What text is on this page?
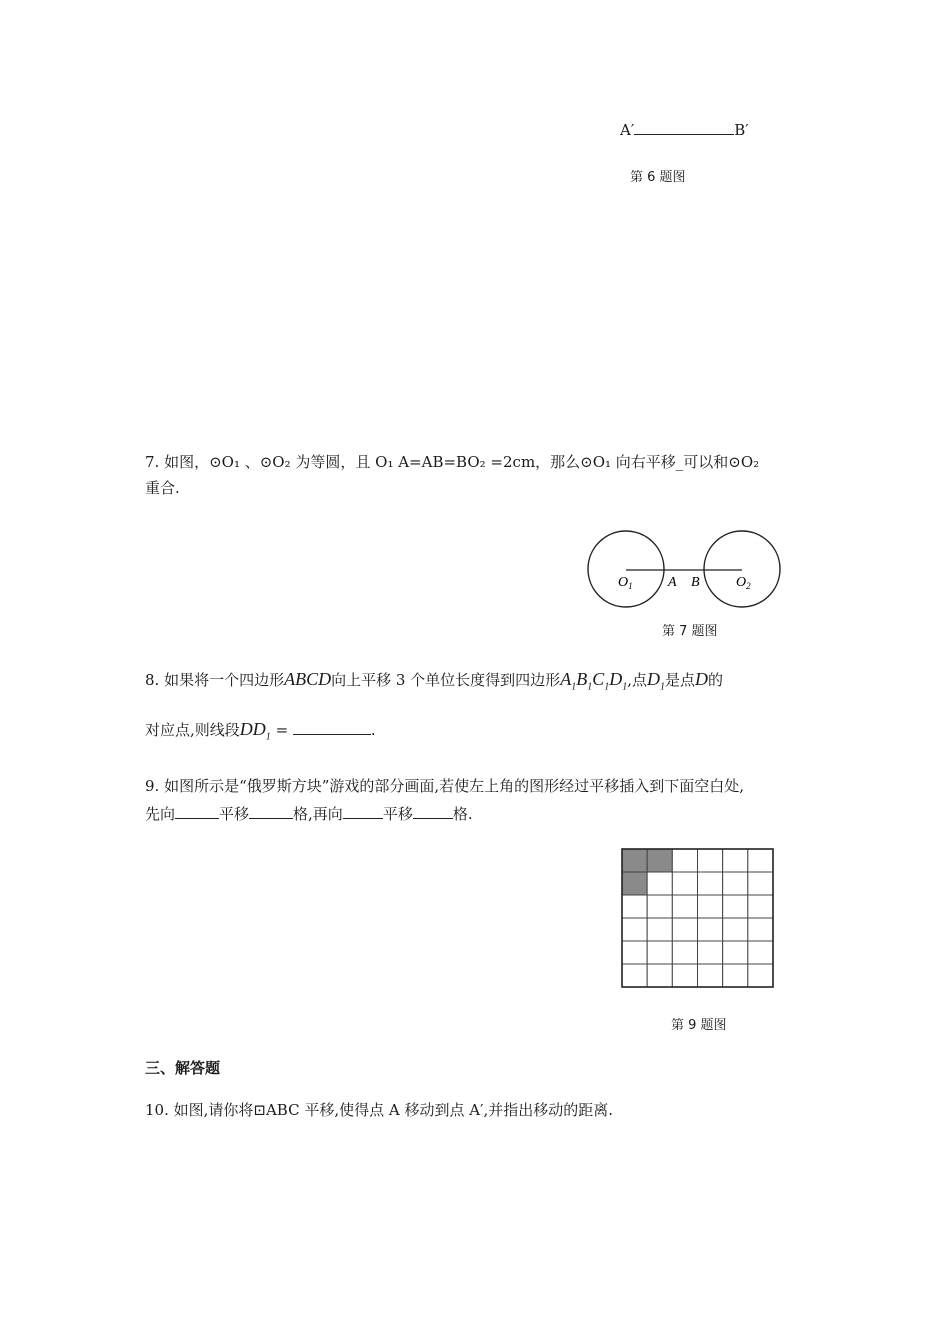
A′	B′
第 6 题图
7. 如图，⊙O₁ 、⊙O₂ 为等圆，且 O₁ A=AB=BO₂ =2cm，那么⊙O₁ 向右平移_可以和⊙O₂
重合.
$O_1$	A B	$O_2$
第 7 题图
8. 如果将一个四边形ABCD向上平移 3 个单位长度得到四边形$A_1B_1C_1D_1$,点$D_1$是点D的
对应点,则线段$DD_1$ =	.
9. 如图所示是“俄罗斯方块”游戏的部分画面,若使左上角的图形经过平移插入到下面空白处,
先向	平移	格,再向	平移	格.
第 9 题图
三、解答题
10. 如图,请你将⊡ABC 平移,使得点 A 移动到点 A′,并指出移动的距离.
